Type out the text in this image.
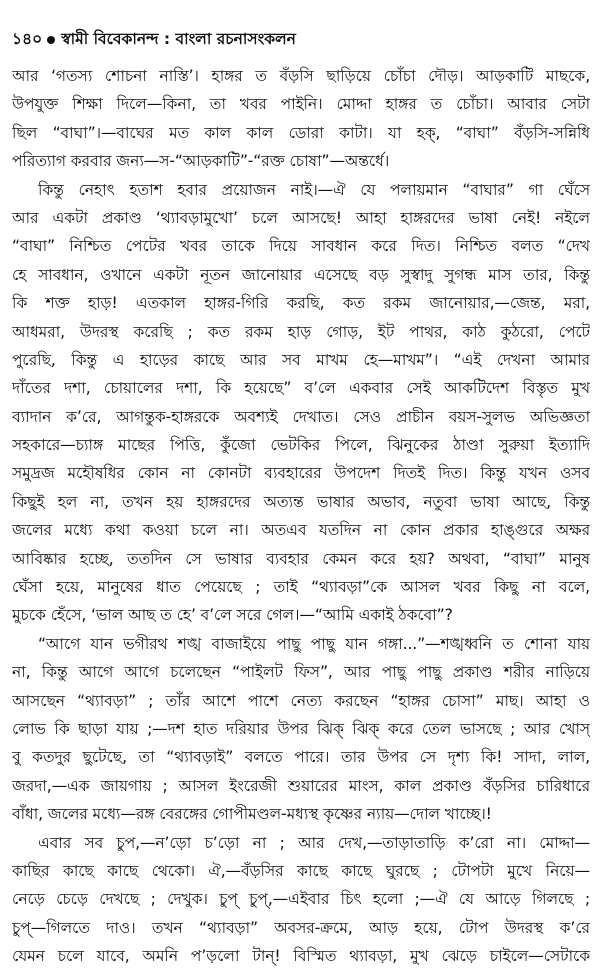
১৪০ স্বামী বিবেকানন্দ : বাংলা রচনাসংকলন
আর ‘গতস্য শোচনা নাস্তি’। হাঙ্গর ত বঁড়সি ছাড়িয়ে চোঁচা দৌড়। আড়কাটি মাছকে,
উপযুক্ত শিক্ষা দিলে—কিনা, তা খবর পাইনি। মোদ্দা হাঙ্গর ত চোঁচা। আবার সেটা
ছিল “বাঘা”।—বাঘের মত কাল কাল ডোরা কাটা। যা হক্‌, “বাঘা” বঁড়সি-সন্নিধি
পরিত্যাগ করবার জন্য—স-“আড়কাটি”-“রক্ত চোষা”—অন্তর্ধে।
কিন্তু নেহাৎ হতাশ হবার প্রয়োজন নাই।—ঐ যে পলায়মান “বাঘার” গা ঘেঁসে
আর একটা প্রকাণ্ড ‘থ্যাবড়ামুখো’ চলে আসছে! আহা হাঙ্গরদের ভাষা নেই! নইলে
“বাঘা” নিশ্চিত পেটের খবর তাকে দিয়ে সাবধান করে দিত। নিশ্চিত বলত “দেখ
হে সাবধান, ওখানে একটা নূতন জানোয়ার এসেছে বড় সুস্বাদু সুগন্ধ মাস তার, কিন্তু
কি শক্ত হাড়! এতকাল হাঙ্গর-গিরি করছি, কত রকম জানোয়ার,—জেন্ত, মরা,
আধমরা, উদরস্থ করেছি ; কত রকম হাড় গোড়, ইট পাথর, কাঠ কুঠরো, পেটে
পুরেছি, কিন্তু এ হাড়ের কাছে আর সব মাখম হে—মাখম”। “এই দেখনা আমার
দাঁতের দশা, চোয়ালের দশা, কি হয়েছে” ব’লে একবার সেই আকটিদেশ বিস্তৃত মুখ
ব্যাদান ক’রে, আগন্তুক-হাঙ্গরকে অবশ্যই দেখাত। সেও প্রাচীন বয়স-সুলভ অভিজ্ঞতা
সহকারে—চ্যাঙ্গ মাছের পিত্তি, কুঁজো ভেটকির পিলে, ঝিনুকের ঠাণ্ডা সুরুয়া ইত্যাদি
সমুদ্রজ মহৌষধির কোন না কোনটা ব্যবহারের উপদেশ দিতই দিত। কিন্তু যখন ওসব
কিছুই হল না, তখন হয় হাঙ্গরদের অত্যন্ত ভাষার অভাব, নতুবা ভাষা আছে, কিন্তু
জলের মধ্যে কথা কওয়া চলে না। অতএব যতদিন না কোন প্রকার হাঙ্গুরে অক্ষর
আবিষ্কার হচ্ছে, ততদিন সে ভাষার ব্যবহার কেমন করে হয়? অথবা, “বাঘা” মানুষ
ঘেঁসা হয়ে, মানুষের ধাত পেয়েছে ; তাই “থ্যাবড়া”কে আসল খবর কিছু না বলে,
মুচকে হেঁসে, ‘ভাল আছ ত হে’ ব’লে সরে গেল।—“আমি একাই ঠকবো”?
“আগে যান ভগীরথ শঙ্খ বাজাইয়ে পাছু পাছু যান গঙ্গা...”—শঙ্খধ্বনি ত শোনা যায়
না, কিন্তু আগে আগে চলেছেন “পাইলট ফিস”, আর পাছু পাছু প্রকাণ্ড শরীর নাড়িয়ে
আসছেন “থ্যাবড়া” ; তাঁর আশে পাশে নেত্য করছেন “হাঙ্গর চোসা” মাছ। আহা ও
লোভ কি ছাড়া যায় ;—দশ হাত দরিয়ার উপর ঝিক্‌ ঝিক্‌ করে তেল ভাসছে ; আর খোস্‌
বু কতদুর ছুটেছে, তা “থ্যাবড়াই” বলতে পারে। তার উপর সে দৃশ্য কি! সাদা, লাল,
জরদা,—এক জায়গায় ; আসল ইংরেজী শুয়ারের মাংস, কাল প্রকাণ্ড বঁড়সির চারিধারে
বাঁধা, জলের মধ্যে—রঙ্গ বেরঙ্গের গোপীমণ্ডল-মধ্যস্থ কৃষ্ণের ন্যায়—দোল খাচ্ছে।!
এবার সব চুপ,—ন’ড়ো চ’ড়ো না ; আর দেখ,—তাড়াতাড়ি ক’রো না। মোদ্দা—
কাছির কাছে কাছে থেকো। ঐ,—বঁড়সির কাছে কাছে ঘুরছে ; টোপটা মুখে নিয়ে—
নেড়ে চেড়ে দেখছে ; দেখুক। চুপ্‌ চুপ্‌,—এইবার চিৎ হলো ;—ঐ যে আড়ে গিলছে ;
চুপ্‌—গিলতে দাও। তখন “থ্যাবড়া” অবসর-ক্রমে, আড় হয়ে, টোপ উদরস্থ ক’রে
যেমন চলে যাবে, অমনি প’ড়লো টান্‌! বিস্মিত থ্যাবড়া, মুখ ঝেড়ে চাইলে—সেটাকে
